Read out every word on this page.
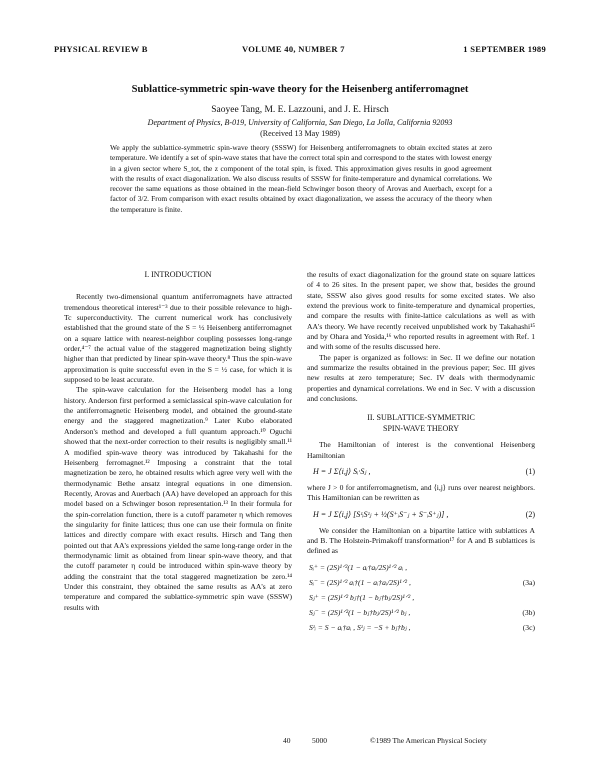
PHYSICAL REVIEW B	VOLUME 40, NUMBER 7	1 SEPTEMBER 1989
Sublattice-symmetric spin-wave theory for the Heisenberg antiferromagnet
Saoyee Tang, M. E. Lazzouni, and J. E. Hirsch
Department of Physics, B-019, University of California, San Diego, La Jolla, California 92093
(Received 13 May 1989)
We apply the sublattice-symmetric spin-wave theory (SSSW) for Heisenberg antiferromagnets to obtain excited states at zero temperature. We identify a set of spin-wave states that have the correct total spin and correspond to the states with lowest energy in a given sector where S_tot, the z component of the total spin, is fixed. This approximation gives results in good agreement with the results of exact diagonalization. We also discuss results of SSSW for finite-temperature and dynamical correlations. We recover the same equations as those obtained in the mean-field Schwinger boson theory of Arovas and Auerbach, except for a factor of 3/2. From comparison with exact results obtained by exact diagonalization, we assess the accuracy of the theory when the temperature is finite.
I. INTRODUCTION

Recently two-dimensional quantum antiferromagnets have attracted tremendous theoretical interest¹⁻³ due to their possible relevance to high-Tc superconductivity. The current numerical work has conclusively established that the ground state of the S = ½ Heisenberg antiferromagnet on a square lattice with nearest-neighbor coupling possesses long-range order,⁴⁻⁷ the actual value of the staggered magnetization being slightly higher than that predicted by linear spin-wave theory.⁸ Thus the spin-wave approximation is quite successful even in the S = ½ case, for which it is supposed to be least accurate.

The spin-wave calculation for the Heisenberg model has a long history. Anderson first performed a semiclassical spin-wave calculation for the antiferromagnetic Heisenberg model, and obtained the ground-state energy and the staggered magnetization.⁹ Later Kubo elaborated Anderson's method and developed a full quantum approach.¹⁰ Oguchi showed that the next-order correction to their results is negligibly small.¹¹ A modified spin-wave theory was introduced by Takahashi for the Heisenberg ferromagnet.¹² Imposing a constraint that the total magnetization be zero, he obtained results which agree very well with the thermodynamic Bethe ansatz integral equations in one dimension. Recently, Arovas and Auerbach (AA) have developed an approach for this model based on a Schwinger boson representation.¹³ In their formula for the spin-correlation function, there is a cutoff parameter η which removes the singularity for finite lattices; thus one can use their formula on finite lattices and directly compare with exact results. Hirsch and Tang then pointed out that AA's expressions yielded the same long-range order in the thermodynamic limit as obtained from linear spin-wave theory, and that the cutoff parameter η could be introduced within spin-wave theory by adding the constraint that the total staggered magnetization be zero.¹⁴ Under this constraint, they obtained the same results as AA's at zero temperature and compared the sublattice-symmetric spin wave (SSSW) results with

the results of exact diagonalization for the ground state on square lattices of 4 to 26 sites. In the present paper, we show that, besides the ground state, SSSW also gives good results for some excited states. We also extend the previous work to finite-temperature and dynamical properties, and compare the results with finite-lattice calculations as well as with AA's theory. We have recently received unpublished work by Takahashi¹⁵ and by Ohara and Yosida,¹⁶ who reported results in agreement with Ref. 1 and with some of the results discussed here.

The paper is organized as follows: in Sec. II we define our notation and summarize the results obtained in the previous paper; Sec. III gives new results at zero temperature; Sec. IV deals with thermodynamic properties and dynamical correlations. We end in Sec. V with a discussion and conclusions.

II. SUBLATTICE-SYMMETRIC
SPIN-WAVE THEORY

The Hamiltonian of interest is the conventional Heisenberg Hamiltonian

H = J Σ⟨i,j⟩ Sᵢ·Sⱼ ,	(1)

where J > 0 for antiferromagnetism, and ⟨i,j⟩ runs over nearest neighbors. This Hamiltonian can be rewritten as

H = J Σ⟨i,j⟩ [SᶻᵢSᶻⱼ + ½(S⁺ᵢS⁻ⱼ + S⁻ᵢS⁺ⱼ)] ,	(2)

We consider the Hamiltonian on a bipartite lattice with sublattices A and B. The Holstein-Primakoff transformation¹⁷ for A and B sublattices is defined as

Sᵢ⁺ = (2S)¹ᐟ²(1 − aᵢ†aᵢ/2S)¹ᐟ² aᵢ ,
Sᵢ⁻ = (2S)¹ᐟ² aᵢ†(1 − aᵢ†aᵢ/2S)¹ᐟ² ,	(3a)
Sⱼ⁺ = (2S)¹ᐟ² bⱼ†(1 − bⱼ†bⱼ/2S)¹ᐟ² ,
Sⱼ⁻ = (2S)¹ᐟ²(1 − bⱼ†bⱼ/2S)¹ᐟ² bⱼ ,	(3b)
Sᶻᵢ = S − aᵢ†aᵢ , Sᶻⱼ = −S + bⱼ†bⱼ ,	(3c)
40	5000	©1989 The American Physical Society
